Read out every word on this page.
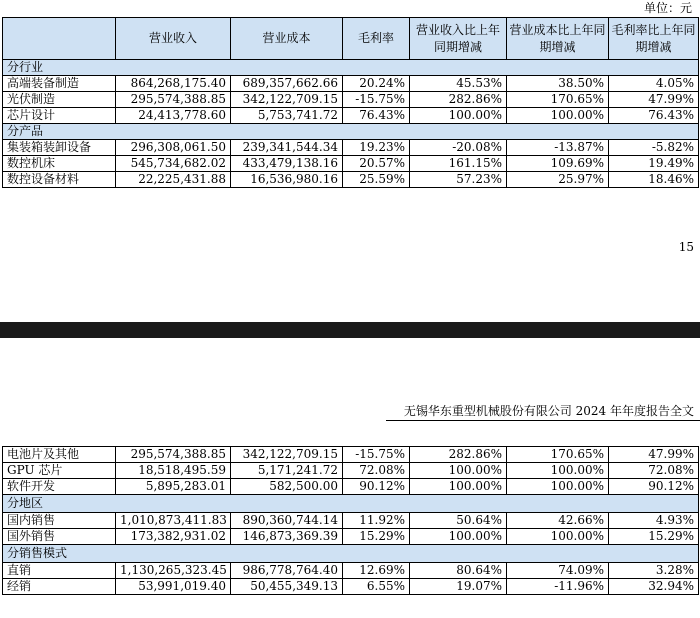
单位：元
	营业收入	营业成本	毛利率	营业收入比上年同期增减	营业成本比上年同期增减	毛利率比上年同期增减
分行业						
高端装备制造	864,268,175.40	689,357,662.66	20.24%	45.53%	38.50%	4.05%
光伏制造	295,574,388.85	342,122,709.15	-15.75%	282.86%	170.65%	47.99%
芯片设计	24,413,778.60	5,753,741.72	76.43%	100.00%	100.00%	76.43%
分产品						
集装箱装卸设备	296,308,061.50	239,341,544.34	19.23%	-20.08%	-13.87%	-5.82%
数控机床	545,734,682.02	433,479,138.16	20.57%	161.15%	109.69%	19.49%
数控设备材料	22,225,431.88	16,536,980.16	25.59%	57.23%	25.97%	18.46%
15
无锡华东重型机械股份有限公司 2024 年年度报告全文
电池片及其他	295,574,388.85	342,122,709.15	-15.75%	282.86%	170.65%	47.99%
GPU 芯片	18,518,495.59	5,171,241.72	72.08%	100.00%	100.00%	72.08%
软件开发	5,895,283.01	582,500.00	90.12%	100.00%	100.00%	90.12%
分地区						
国内销售	1,010,873,411.83	890,360,744.14	11.92%	50.64%	42.66%	4.93%
国外销售	173,382,931.02	146,873,369.39	15.29%	100.00%	100.00%	15.29%
分销售模式						
直销	1,130,265,323.45	986,778,764.40	12.69%	80.64%	74.09%	3.28%
经销	53,991,019.40	50,455,349.13	6.55%	19.07%	-11.96%	32.94%
